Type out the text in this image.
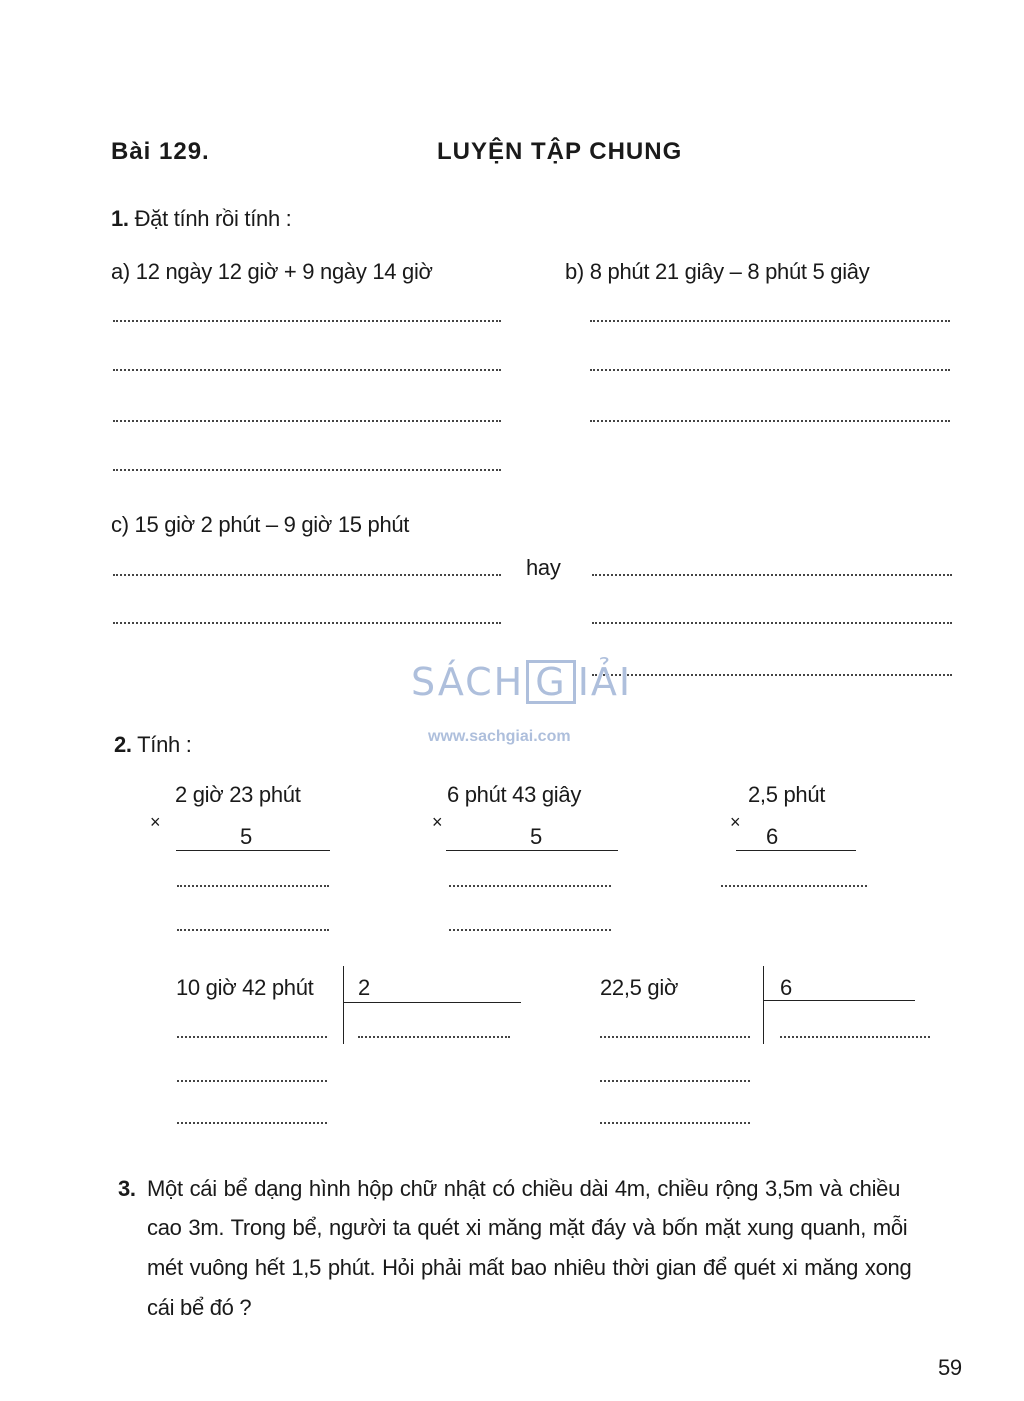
Bài 129.	LUYỆN TẬP CHUNG
1. Đặt tính rồi tính :
a) 12 ngày 12 giờ + 9 ngày 14 giờ	b) 8 phút 21 giây – 8 phút 5 giây
c) 15 giờ 2 phút – 9 giờ 15 phút
hay
SÁCH G IẢI
www.sachgiai.com
2. Tính :
2 giờ 23 phút
×
5
6 phút 43 giây
×
5
2,5 phút
×
6
10 giờ 42 phút 2	22,5 giờ	6
3. Một cái bể dạng hình hộp chữ nhật có chiều dài 4m, chiều rộng 3,5m và chiều
cao 3m. Trong bể, người ta quét xi măng mặt đáy và bốn mặt xung quanh, mỗi
mét vuông hết 1,5 phút. Hỏi phải mất bao nhiêu thời gian để quét xi măng xong
cái bể đó ?
59
